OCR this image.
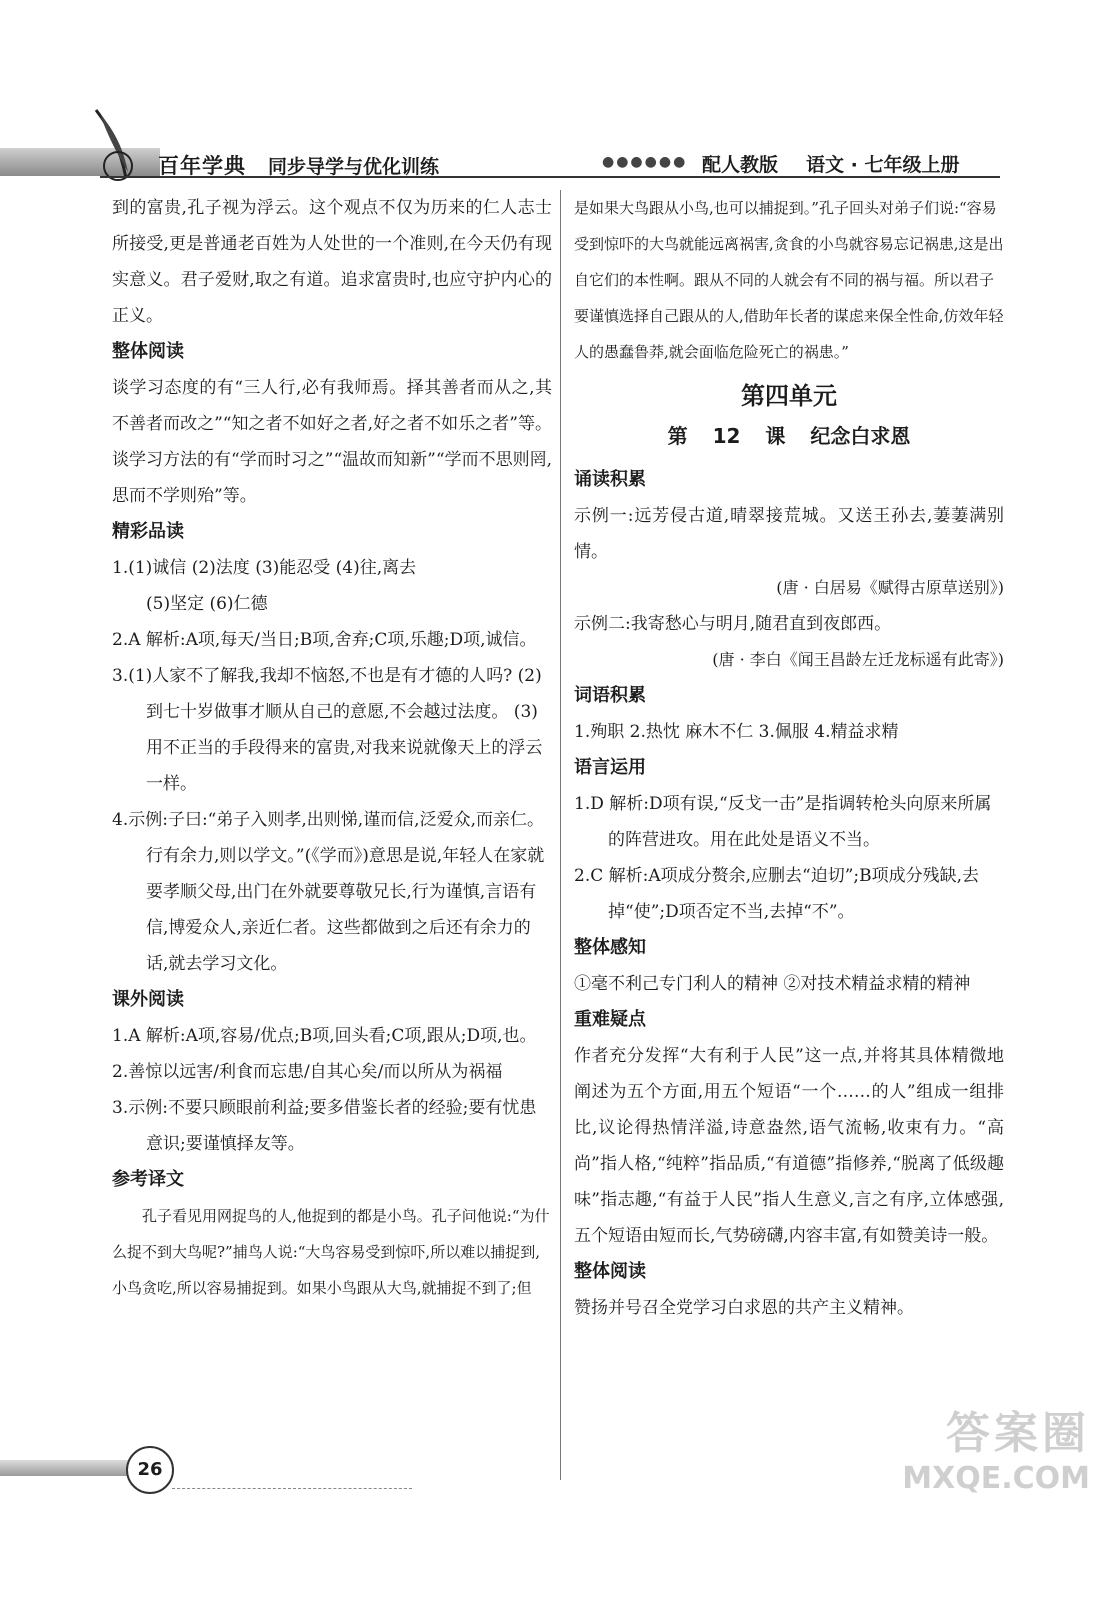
百年学典 同步导学与优化训练	●●●●●● 配人教版 语文 · 七年级上册

到的富贵,孔子视为浮云。这个观点不仅为历来的仁人志士所接受,更是普通老百姓为人处世的一个准则,在今天仍有现实意义。君子爱财,取之有道。追求富贵时,也应守护内心的正义。

整体阅读

谈学习态度的有“三人行,必有我师焉。择其善者而从之,其不善者而改之”“知之者不如好之者,好之者不如乐之者”等。谈学习方法的有“学而时习之”“温故而知新”“学而不思则罔,思而不学则殆”等。

精彩品读

1.(1)诚信 (2)法度 (3)能忍受 (4)往,离去

(5)坚定 (6)仁德

2.A 解析:A项,每天/当日;B项,舍弃;C项,乐趣;D项,诚信。

3.(1)人家不了解我,我却不恼怒,不也是有才德的人吗? (2)到七十岁做事才顺从自己的意愿,不会越过法度。 (3)用不正当的手段得来的富贵,对我来说就像天上的浮云一样。

4.示例:子曰:“弟子入则孝,出则悌,谨而信,泛爱众,而亲仁。行有余力,则以学文。”(《学而》)意思是说,年轻人在家就要孝顺父母,出门在外就要尊敬兄长,行为谨慎,言语有信,博爱众人,亲近仁者。这些都做到之后还有余力的话,就去学习文化。

课外阅读

1.A 解析:A项,容易/优点;B项,回头看;C项,跟从;D项,也。

2.善惊以远害/利食而忘患/自其心矣/而以所从为祸福

3.示例:不要只顾眼前利益;要多借鉴长者的经验;要有忧患意识;要谨慎择友等。

参考译文

孔子看见用网捉鸟的人,他捉到的都是小鸟。孔子问他说:“为什么捉不到大鸟呢?”捕鸟人说:“大鸟容易受到惊吓,所以难以捕捉到,小鸟贪吃,所以容易捕捉到。如果小鸟跟从大鸟,就捕捉不到了;但

是如果大鸟跟从小鸟,也可以捕捉到。”孔子回头对弟子们说:“容易受到惊吓的大鸟就能远离祸害,贪食的小鸟就容易忘记祸患,这是出自它们的本性啊。跟从不同的人就会有不同的祸与福。所以君子要谨慎选择自己跟从的人,借助年长者的谋虑来保全性命,仿效年轻人的愚蠢鲁莽,就会面临危险死亡的祸患。”

第四单元
第 12 课 纪念白求恩

诵读积累

示例一:远芳侵古道,晴翠接荒城。又送王孙去,萋萋满别情。

(唐 · 白居易《赋得古原草送别》)

示例二:我寄愁心与明月,随君直到夜郎西。

(唐 · 李白《闻王昌龄左迁龙标遥有此寄》)

词语积累

1.殉职 2.热忱 麻木不仁 3.佩服 4.精益求精

语言运用

1.D 解析:D项有误,“反戈一击”是指调转枪头向原来所属的阵营进攻。用在此处是语义不当。

2.C 解析:A项成分赘余,应删去“迫切”;B项成分残缺,去掉“使”;D项否定不当,去掉“不”。

整体感知

①毫不利己专门利人的精神 ②对技术精益求精的精神

重难疑点

作者充分发挥“大有利于人民”这一点,并将其具体精微地阐述为五个方面,用五个短语“一个……的人”组成一组排比,议论得热情洋溢,诗意盎然,语气流畅,收束有力。“高尚”指人格,“纯粹”指品质,“有道德”指修养,“脱离了低级趣味”指志趣,“有益于人民”指人生意义,言之有序,立体感强,五个短语由短而长,气势磅礴,内容丰富,有如赞美诗一般。

整体阅读

赞扬并号召全党学习白求恩的共产主义精神。

26
答案圈
MXQE.COM
